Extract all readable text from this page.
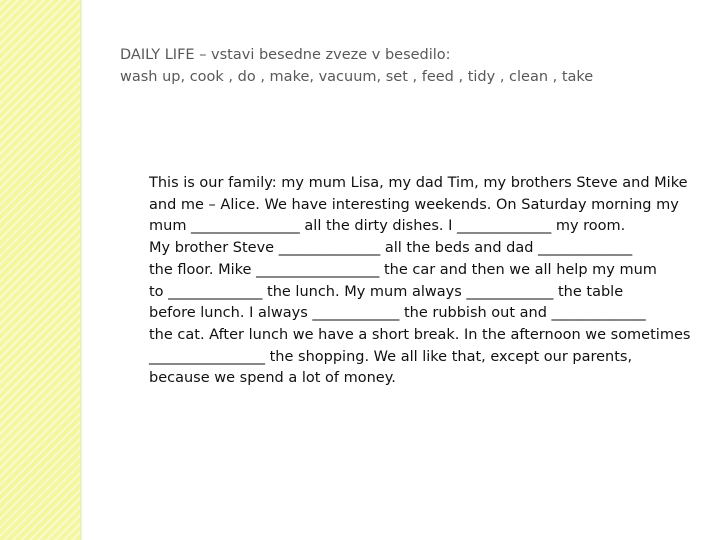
DAILY LIFE – vstavi besedne zveze v besedilo:
wash up, cook , do , make, vacuum, set , feed , tidy , clean , take
This is our family: my mum Lisa, my dad Tim, my brothers Steve and Mike
and me – Alice. We have interesting weekends. On Saturday morning my
mum _______________ all the dirty dishes. I _____________ my room.
My brother Steve ______________ all the beds and dad _____________
the floor. Mike _________________ the car and then we all help my mum
to _____________ the lunch. My mum always ____________ the table
before lunch. I always ____________ the rubbish out and _____________
the cat. After lunch we have a short break. In the afternoon we sometimes
________________ the shopping. We all like that, except our parents,
because we spend a lot of money.
